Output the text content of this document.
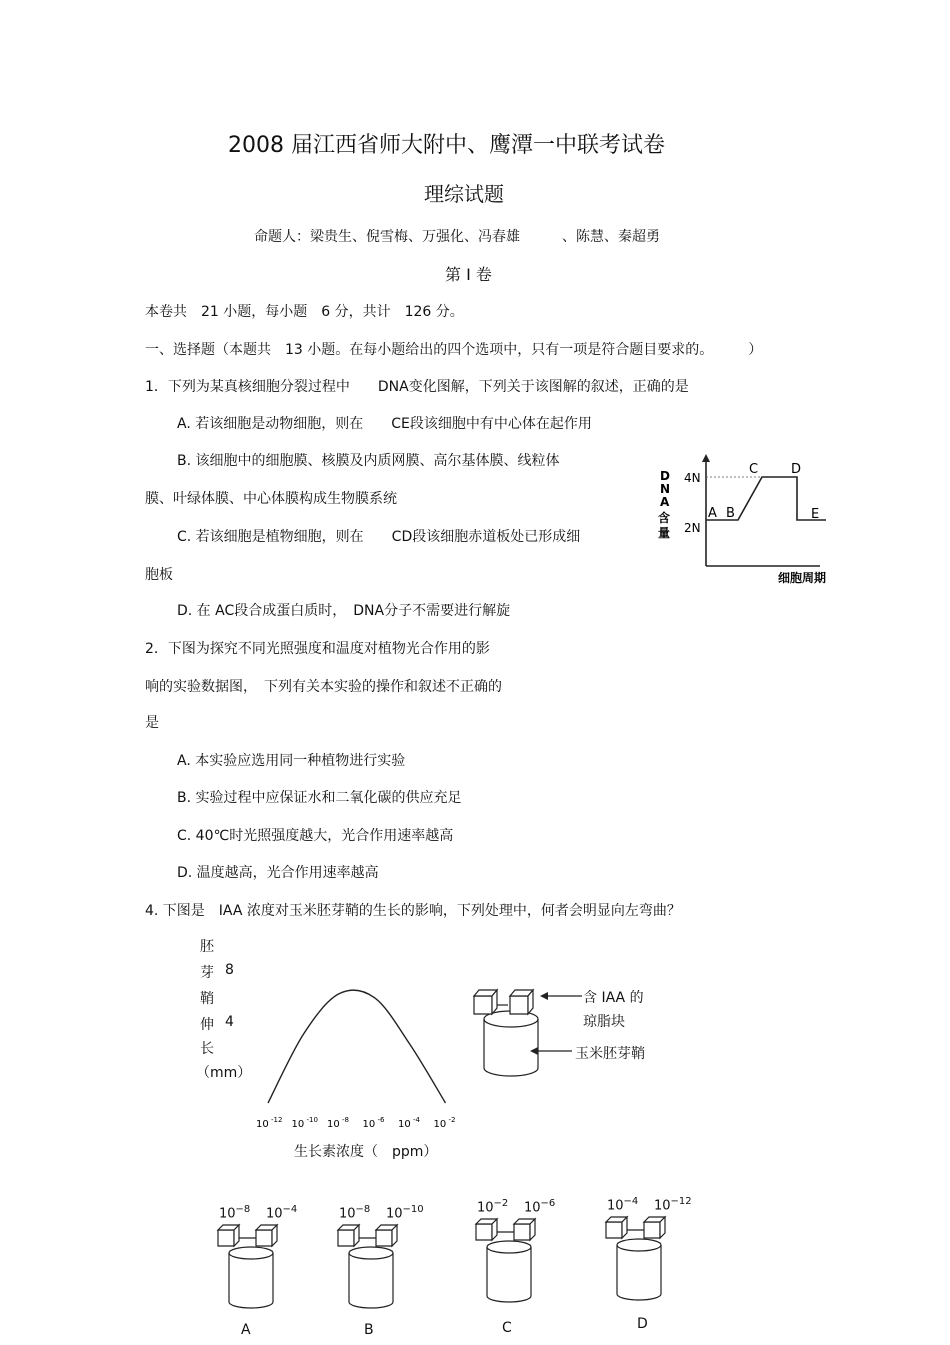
2008 届江西省师大附中、鹰潭一中联考试卷
理综试题
命题人：梁贵生、倪雪梅、万强化、冯春雄　　　、陈慧、秦超勇
第 I 卷
本卷共　21 小题，每小题　6 分，共计　126 分。
一、选择题（本题共　13 小题。在每小题给出的四个选项中，只有一项是符合题目要求的。　　　）
1．下列为某真核细胞分裂过程中　　DNA变化图解，下列关于该图解的叙述，正确的是
A. 若该细胞是动物细胞，则在　　CE段该细胞中有中心体在起作用
B. 该细胞中的细胞膜、核膜及内质网膜、高尔基体膜、线粒体
膜、叶绿体膜、中心体膜构成生物膜系统
C. 若该细胞是植物细胞，则在　　CD段该细胞赤道板处已形成细
胞板
D. 在 AC段合成蛋白质时，　DNA分子不需要进行解旋
D
N
A
含
量
4N
2N
A B
C	D
E
细胞周期
2．下图为探究不同光照强度和温度对植物光合作用的影
响的实验数据图，　下列有关本实验的操作和叙述不正确的
是
A. 本实验应选用同一种植物进行实验
B. 实验过程中应保证水和二氧化碳的供应充足
C. 40℃时光照强度越大，光合作用速率越高
D. 温度越高，光合作用速率越高
4. 下图是　IAA 浓度对玉米胚芽鞘的生长的影响，下列处理中，何者会明显向左弯曲？
胚
芽
鞘
伸
长
（mm）
8
4
10 $^{-12}$ 10 $^{-10}$ 10 $^{-8}$ 10 $^{-6}$ 10 $^{-4}$ 10 $^{-2}$
生长素浓度（　ppm）
含 IAA 的
琼脂块
玉米胚芽鞘
$10^{-8}$ $10^{-4}$
A
$10^{-8}$ $10^{-10}$
B
$10^{-2}$ $10^{-6}$
C
$10^{-4}$ $10^{-12}$
D
